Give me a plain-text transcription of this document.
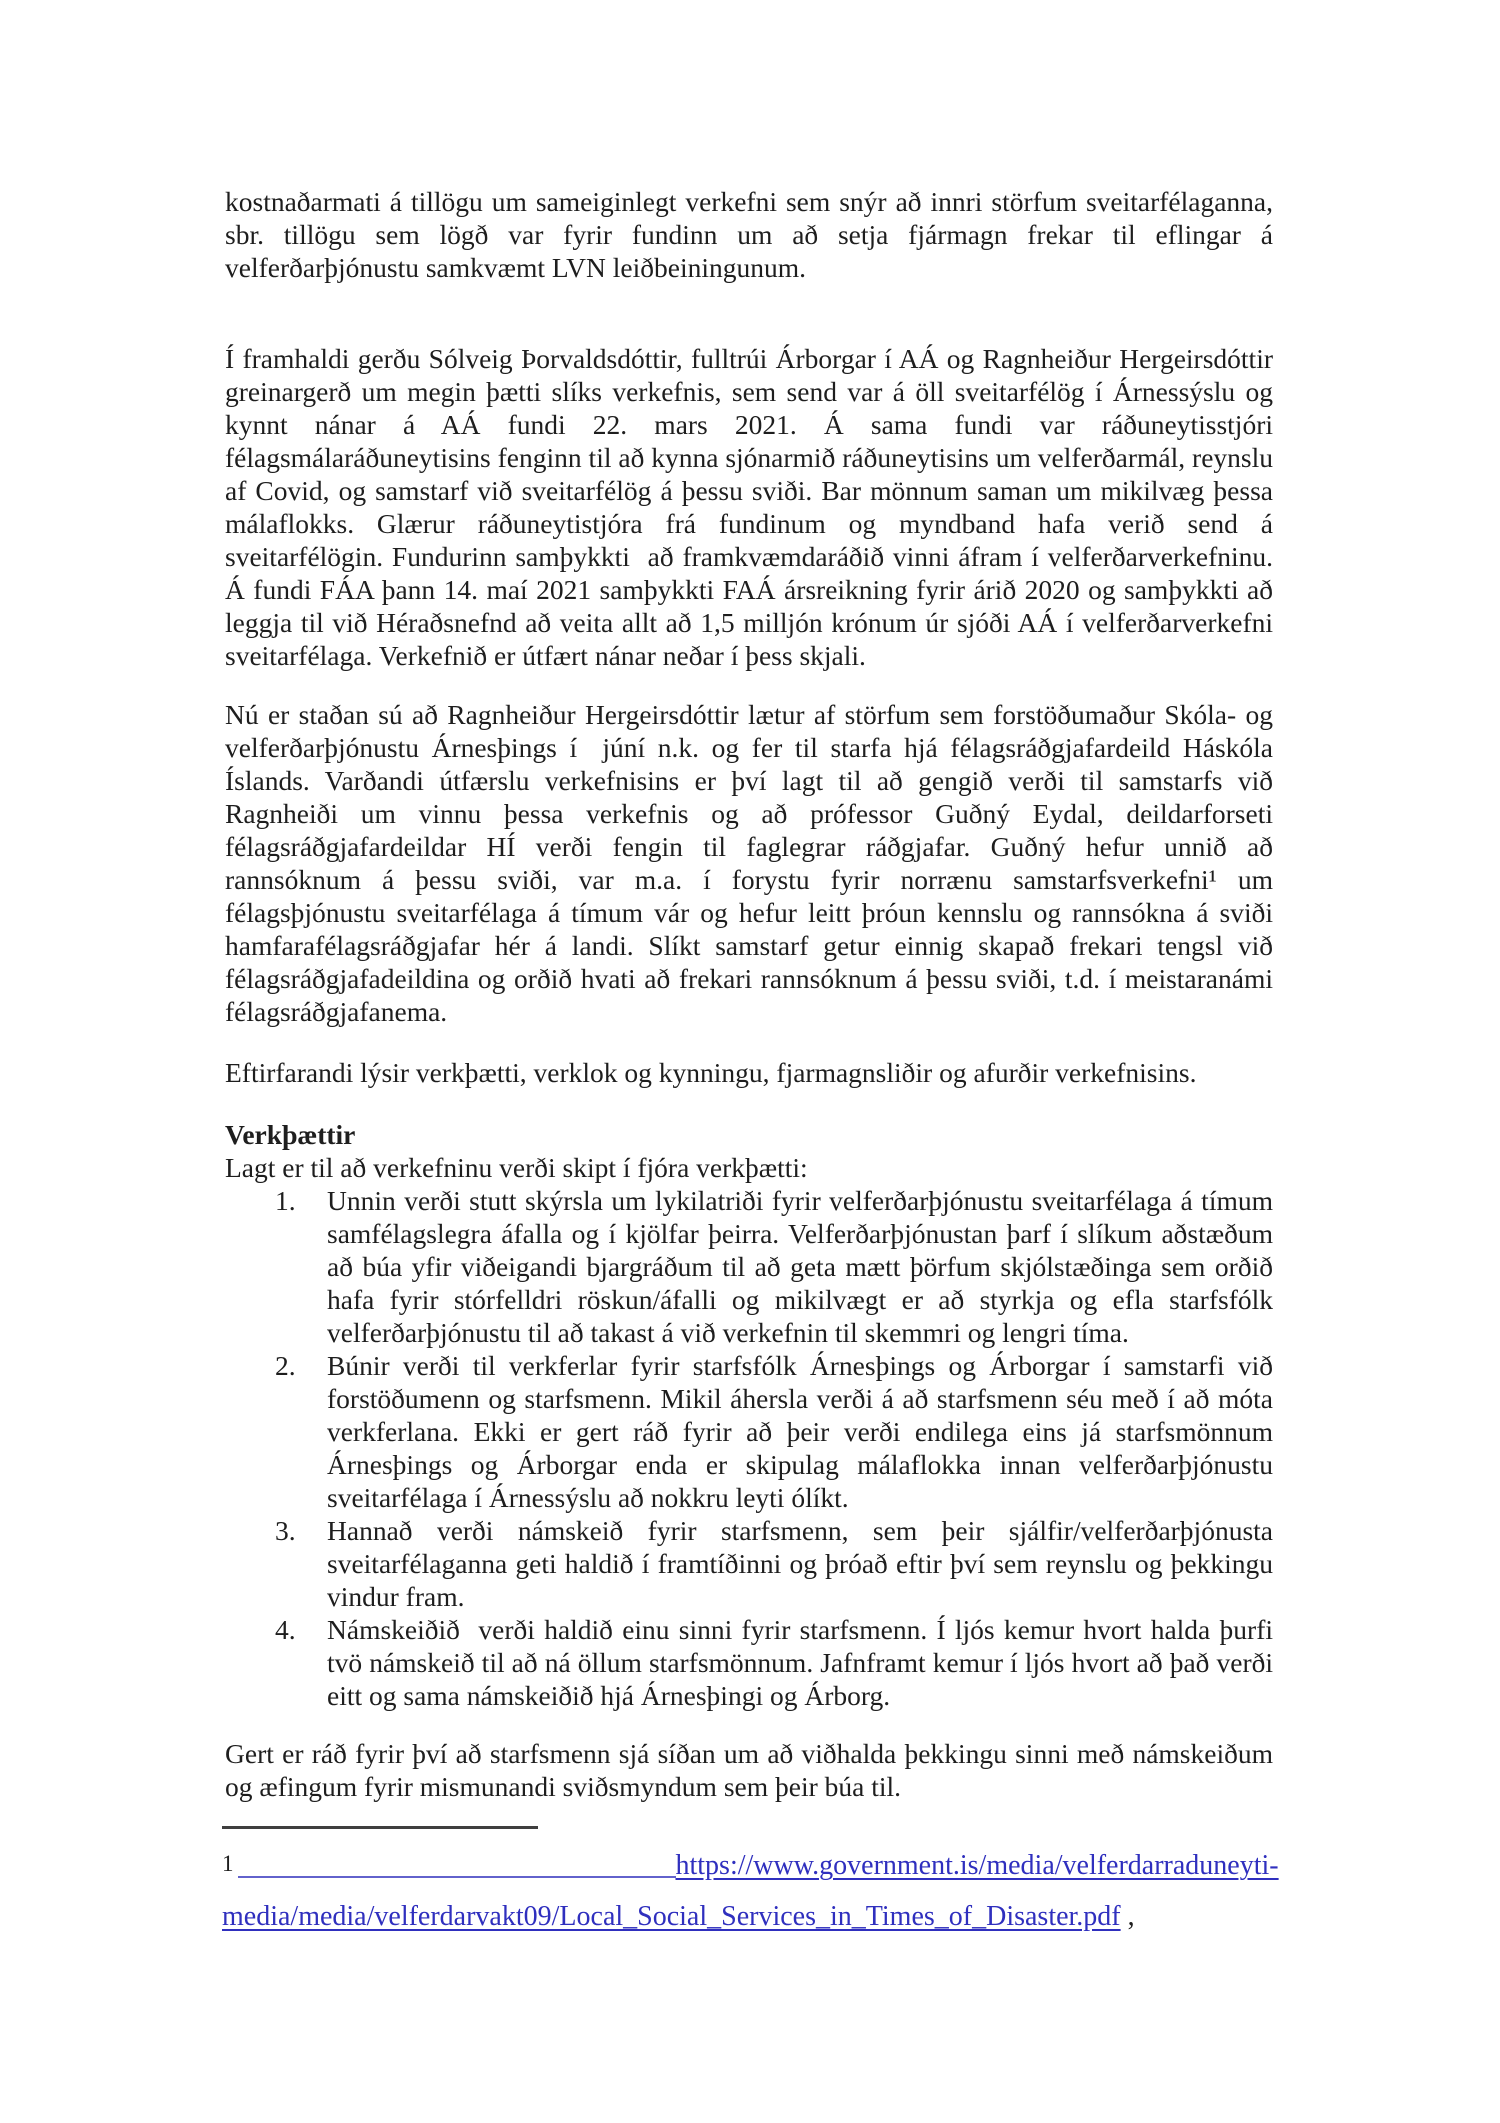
kostnaðarmati á tillögu um sameiginlegt verkefni sem snýr að innri störfum sveitarfélaganna, sbr. tillögu sem lögð var fyrir fundinn um að setja fjármagn frekar til eflingar á velferðarþjónustu samkvæmt LVN leiðbeiningunum.

Í framhaldi gerðu Sólveig Þorvaldsdóttir, fulltrúi Árborgar í AÁ og Ragnheiður Hergeirsdóttir greinargerð um megin þætti slíks verkefnis, sem send var á öll sveitarfélög í Árnessýslu og kynnt nánar á AÁ fundi 22. mars 2021. Á sama fundi var ráðuneytisstjóri félagsmálaráðuneytisins fenginn til að kynna sjónarmið ráðuneytisins um velferðarmál, reynslu af Covid, og samstarf við sveitarfélög á þessu sviði. Bar mönnum saman um mikilvæg þessa málaflokks. Glærur ráðuneytistjóra frá fundinum og myndband hafa verið send á sveitarfélögin. Fundurinn samþykkti  að framkvæmdaráðið vinni áfram í velferðarverkefninu. Á fundi FÁA þann 14. maí 2021 samþykkti FAÁ ársreikning fyrir árið 2020 og samþykkti að leggja til við Héraðsnefnd að veita allt að 1,5 milljón krónum úr sjóði AÁ í velferðarverkefni sveitarfélaga. Verkefnið er útfært nánar neðar í þess skjali.

Nú er staðan sú að Ragnheiður Hergeirsdóttir lætur af störfum sem forstöðumaður Skóla- og velferðarþjónustu Árnesþings í  júní n.k. og fer til starfa hjá félagsráðgjafardeild Háskóla Íslands. Varðandi útfærslu verkefnisins er því lagt til að gengið verði til samstarfs við Ragnheiði um vinnu þessa verkefnis og að prófessor Guðný Eydal, deildarforseti félagsráðgjafardeildar HÍ verði fengin til faglegrar ráðgjafar. Guðný hefur unnið að rannsóknum á þessu sviði, var m.a. í forystu fyrir norrænu samstarfsverkefni¹ um félagsþjónustu sveitarfélaga á tímum vár og hefur leitt þróun kennslu og rannsókna á sviði hamfarafélagsráðgjafar hér á landi. Slíkt samstarf getur einnig skapað frekari tengsl við félagsráðgjafadeildina og orðið hvati að frekari rannsóknum á þessu sviði, t.d. í meistaranámi félagsráðgjafanema.

Eftirfarandi lýsir verkþætti, verklok og kynningu, fjarmagnsliðir og afurðir verkefnisins.

Verkþættir

Lagt er til að verkefninu verði skipt í fjóra verkþætti:

1.	Unnin verði stutt skýrsla um lykilatriði fyrir velferðarþjónustu sveitarfélaga á tímum samfélagslegra áfalla og í kjölfar þeirra. Velferðarþjónustan þarf í slíkum aðstæðum að búa yfir viðeigandi bjargráðum til að geta mætt þörfum skjólstæðinga sem orðið hafa fyrir stórfelldri röskun/áfalli og mikilvægt er að styrkja og efla starfsfólk velferðarþjónustu til að takast á við verkefnin til skemmri og lengri tíma.
2.	Búnir verði til verkferlar fyrir starfsfólk Árnesþings og Árborgar í samstarfi við forstöðumenn og starfsmenn. Mikil áhersla verði á að starfsmenn séu með í að móta verkferlana. Ekki er gert ráð fyrir að þeir verði endilega eins já starfsmönnum Árnesþings og Árborgar enda er skipulag málaflokka innan velferðarþjónustu sveitarfélaga í Árnessýslu að nokkru leyti ólíkt.
3.	Hannað verði námskeið fyrir starfsmenn, sem þeir sjálfir/velferðarþjónusta sveitarfélaganna geti haldið í framtíðinni og þróað eftir því sem reynslu og þekkingu vindur fram.
4.	Námskeiðið  verði haldið einu sinni fyrir starfsmenn. Í ljós kemur hvort halda þurfi tvö námskeið til að ná öllum starfsmönnum. Jafnframt kemur í ljós hvort að það verði eitt og sama námskeiðið hjá Árnesþingi og Árborg.

Gert er ráð fyrir því að starfsmenn sjá síðan um að viðhalda þekkingu sinni með námskeiðum og æfingum fyrir mismunandi sviðsmyndum sem þeir búa til.

1	https://www.government.is/media/velferdarraduneyti-
media/media/velferdarvakt09/Local_Social_Services_in_Times_of_Disaster.pdf ,
